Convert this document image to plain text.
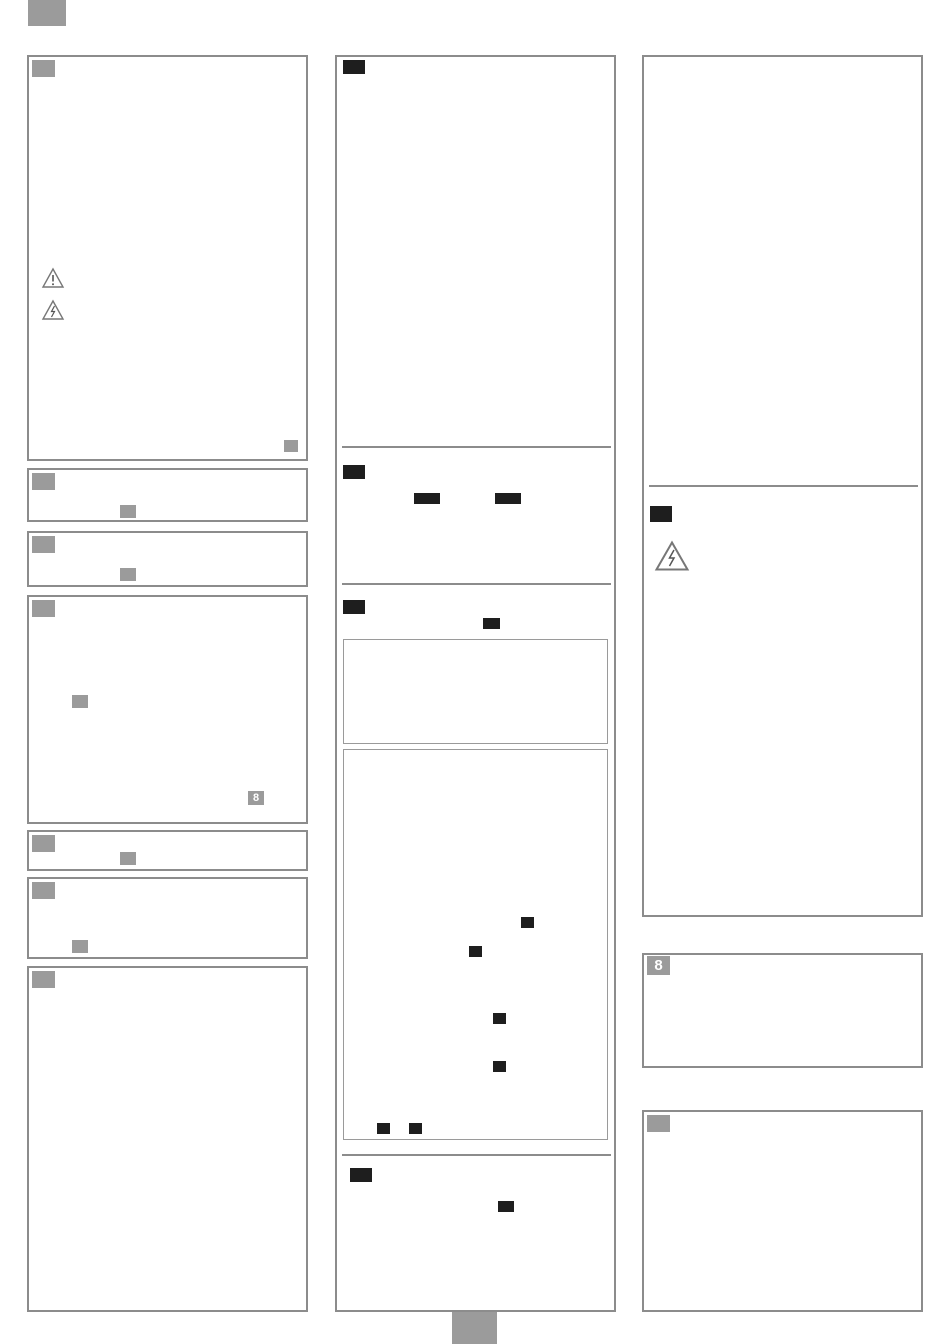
8
8
